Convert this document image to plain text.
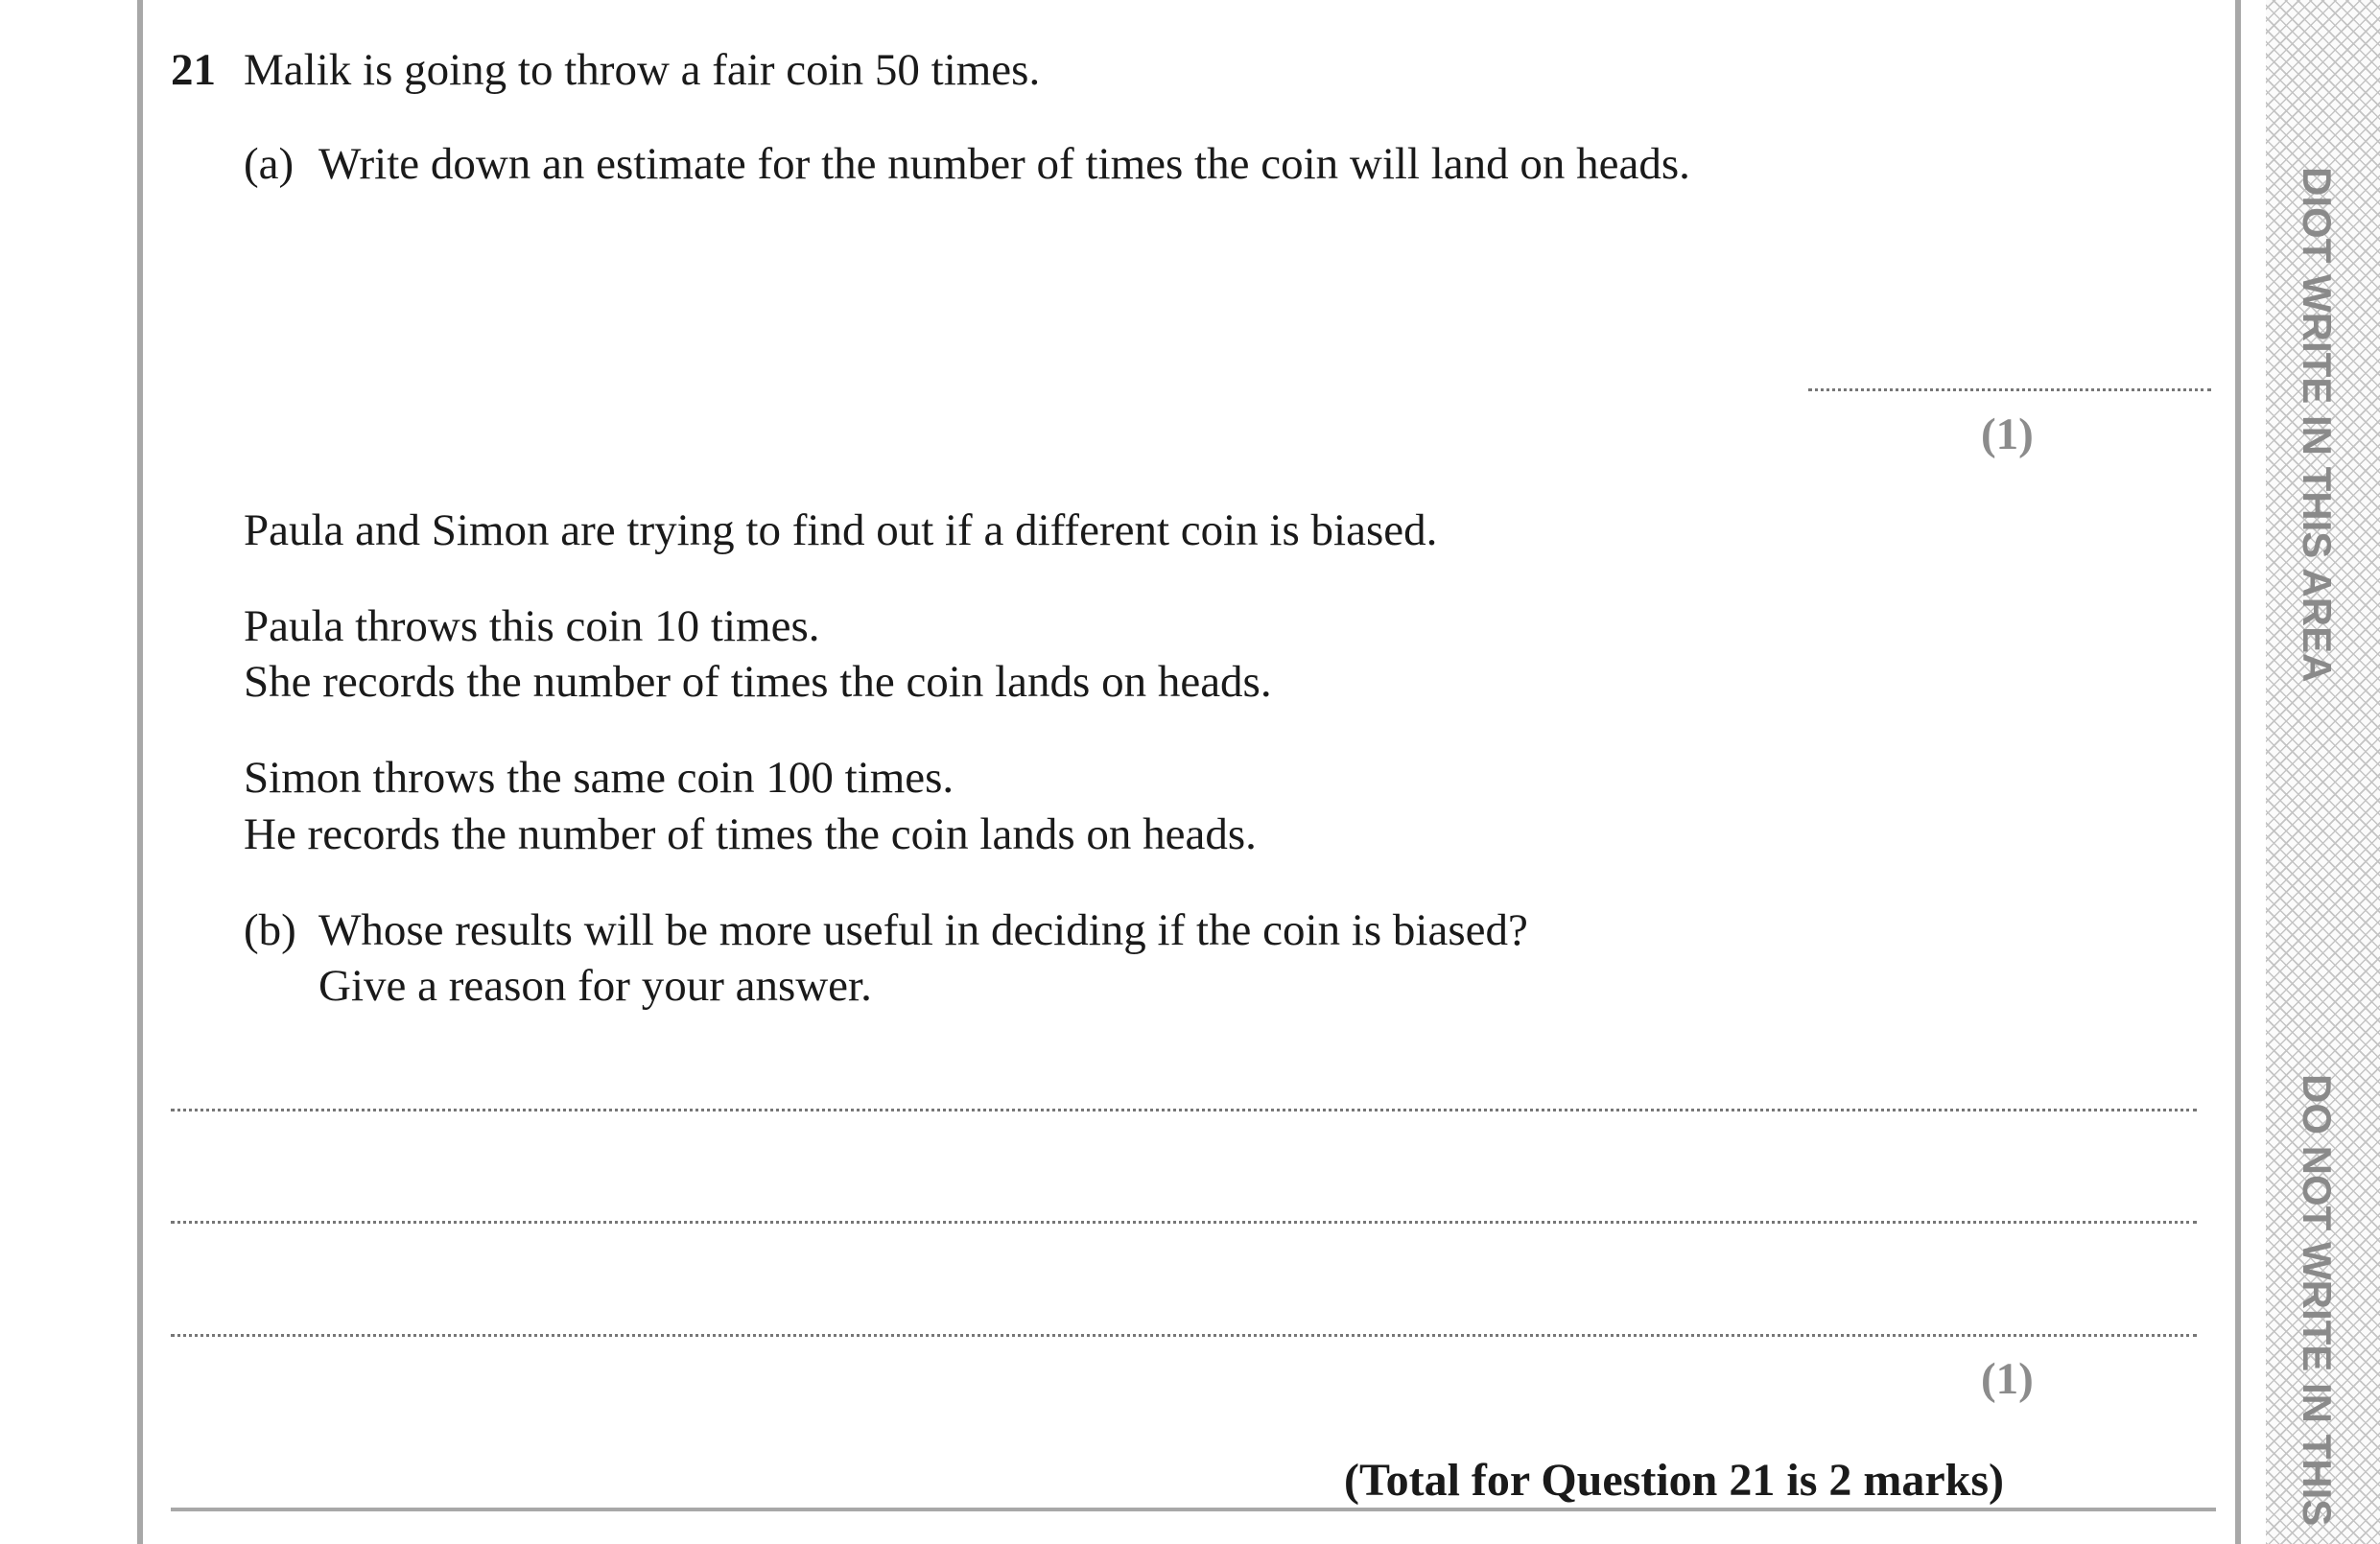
DIOT WRITE IN THIS AREA
DO NOT WRITE IN THIS
21 Malik is going to throw a fair coin 50 times.
(a) Write down an estimate for the number of times the coin will land on heads.
(1)
Paula and Simon are trying to find out if a different coin is biased.
Paula throws this coin 10 times.
She records the number of times the coin lands on heads.
Simon throws the same coin 100 times.
He records the number of times the coin lands on heads.
(b) Whose results will be more useful in deciding if the coin is biased?
Give a reason for your answer.
(1)
(Total for Question 21 is 2 marks)
